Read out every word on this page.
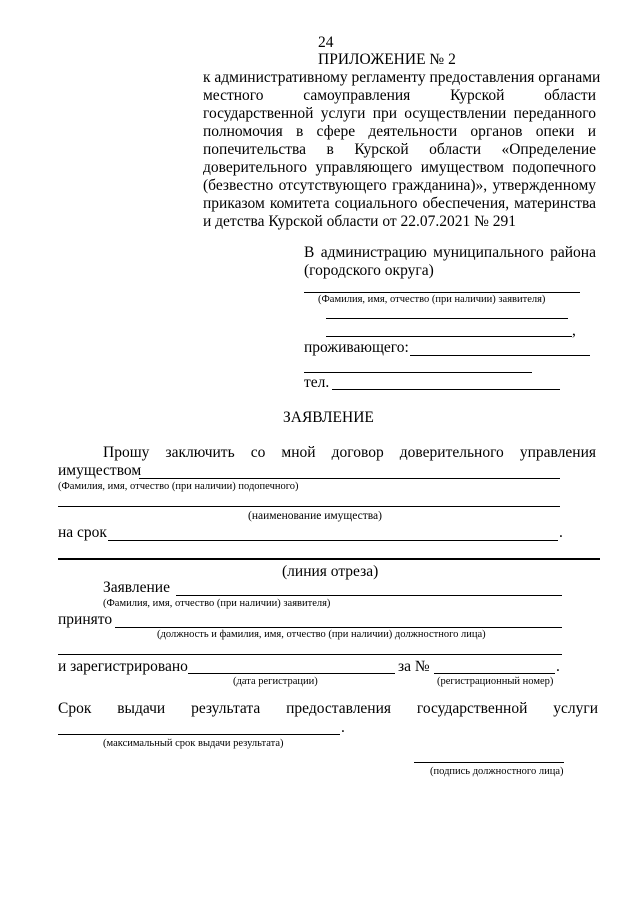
24
ПРИЛОЖЕНИЕ № 2
к административному регламенту предоставления органами
местного самоуправления Курской области
государственной услуги при осуществлении переданного
полномочия в сфере деятельности органов опеки и
попечительства в Курской области «Определение
доверительного управляющего имуществом подопечного
(безвестно отсутствующего гражданина)», утвержденному
приказом комитета социального обеспечения, материнства
и детства Курской области от 22.07.2021 № 291
В администрацию муниципального района
(городского округа)
(Фамилия, имя, отчество (при наличии) заявителя)
,
проживающего:
тел.
ЗАЯВЛЕНИЕ
Прошу заключить со мной договор доверительного управления
имуществом
(Фамилия, имя, отчество (при наличии) подопечного)
(наименование имущества)
на срок	.
(линия отреза)
Заявление
(Фамилия, имя, отчество (при наличии) заявителя)
принято
(должность и фамилия, имя, отчество (при наличии) должностного лица)
и зарегистрировано	за №	.
(дата регистрации)	(регистрационный номер)
Срок выдачи результата предоставления государственной услуги
.
(максимальный срок выдачи результата)
(подпись должностного лица)
